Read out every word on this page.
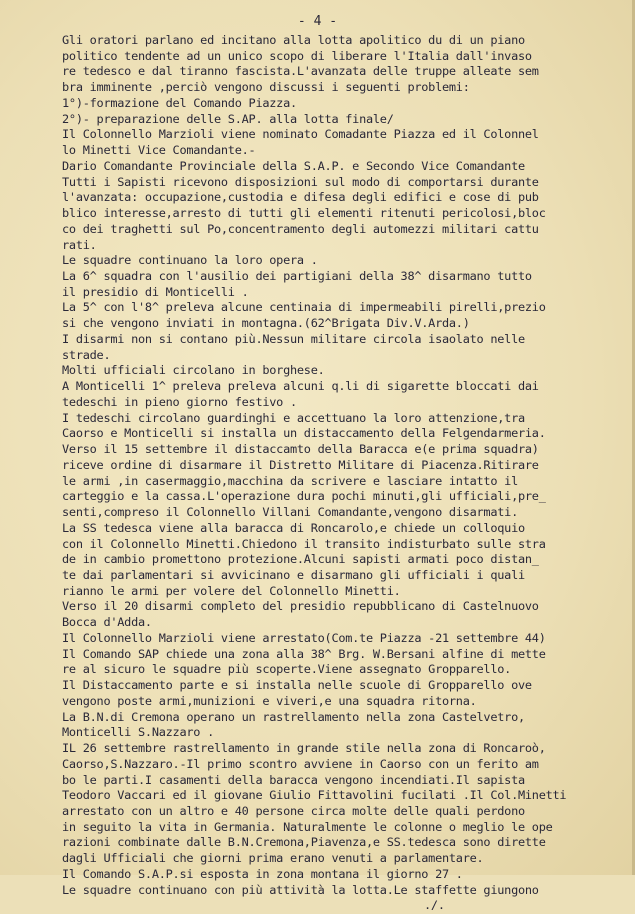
- 4 -
Gli oratori parlano ed incitano alla lotta apolitico du di un piano
politico tendente ad un unico scopo di liberare l'Italia dall'invaso
re tedesco e dal tiranno fascista.L'avanzata delle truppe alleate sem
bra imminente ,perciò vengono discussi i seguenti problemi:
1°)-formazione del Comando Piazza.
2°)- preparazione delle S.AP. alla lotta finale/
Il Colonnello Marzioli viene nominato Comadante Piazza ed il Colonnel
lo Minetti Vice Comandante.-
Dario Comandante Provinciale della S.A.P. e Secondo Vice Comandante
Tutti i Sapisti ricevono disposizioni sul modo di comportarsi durante
l'avanzata: occupazione,custodia e difesa degli edifici e cose di pub
blico interesse,arresto di tutti gli elementi ritenuti pericolosi,bloc
co dei traghetti sul Po,concentramento degli automezzi militari cattu
rati.
Le squadre continuano la loro opera .
La 6^ squadra con l'ausilio dei partigiani della 38^ disarmano tutto
il presidio di Monticelli .
La 5^ con l'8^ preleva alcune centinaia di impermeabili pirelli,prezio
si che vengono inviati in montagna.(62^Brigata Div.V.Arda.)
I disarmi non si contano più.Nessun militare circola isaolato nelle
strade.
Molti ufficiali circolano in borghese.
A Monticelli 1^ preleva preleva alcuni q.li di sigarette bloccati dai
tedeschi in pieno giorno festivo .
I tedeschi circolano guardinghi e accettuano la loro attenzione,tra
Caorso e Monticelli si installa un distaccamento della Felgendarmeria.
Verso il 15 settembre il distaccamto della Baracca e(e prima squadra)
riceve ordine di disarmare il Distretto Militare di Piacenza.Ritirare
le armi ,in casermaggio,macchina da scrivere e lasciare intatto il
carteggio e la cassa.L'operazione dura pochi minuti,gli ufficiali,pre_
senti,compreso il Colonnello Villani Comandante,vengono disarmati.
La SS tedesca viene alla baracca di Roncarolo,e chiede un colloquio
con il Colonnello Minetti.Chiedono il transito indisturbato sulle stra
de in cambio promettono protezione.Alcuni sapisti armati poco distan_
te dai parlamentari si avvicinano e disarmano gli ufficiali i quali
rianno le armi per volere del Colonnello Minetti.
Verso il 20 disarmi completo del presidio repubblicano di Castelnuovo
Bocca d'Adda.
Il Colonnello Marzioli viene arrestato(Com.te Piazza -21 settembre 44)
Il Comando SAP chiede una zona alla 38^ Brg. W.Bersani alfine di mette
re al sicuro le squadre più scoperte.Viene assegnato Gropparello.
Il Distaccamento parte e si installa nelle scuole di Gropparello ove
vengono poste armi,munizioni e viveri,e una squadra ritorna.
La B.N.di Cremona operano un rastrellamento nella zona Castelvetro,
Monticelli S.Nazzaro .
IL 26 settembre rastrellamento in grande stile nella zona di Roncaroò,
Caorso,S.Nazzaro.-Il primo scontro avviene in Caorso con un ferito am
bo le parti.I casamenti della baracca vengono incendiati.Il sapista
Teodoro Vaccari ed il giovane Giulio Fittavolini fucilati .Il Col.Minetti
arrestato con un altro e 40 persone circa molte delle quali perdono
in seguito la vita in Germania. Naturalmente le colonne o meglio le ope
razioni combinate dalle B.N.Cremona,Piavenza,e SS.tedesca sono dirette
dagli Ufficiali che giorni prima erano venuti a parlamentare.
Il Comando S.A.P.si esposta in zona montana il giorno 27 .
Le squadre continuano con più attività la lotta.Le staffette giungono
./.
